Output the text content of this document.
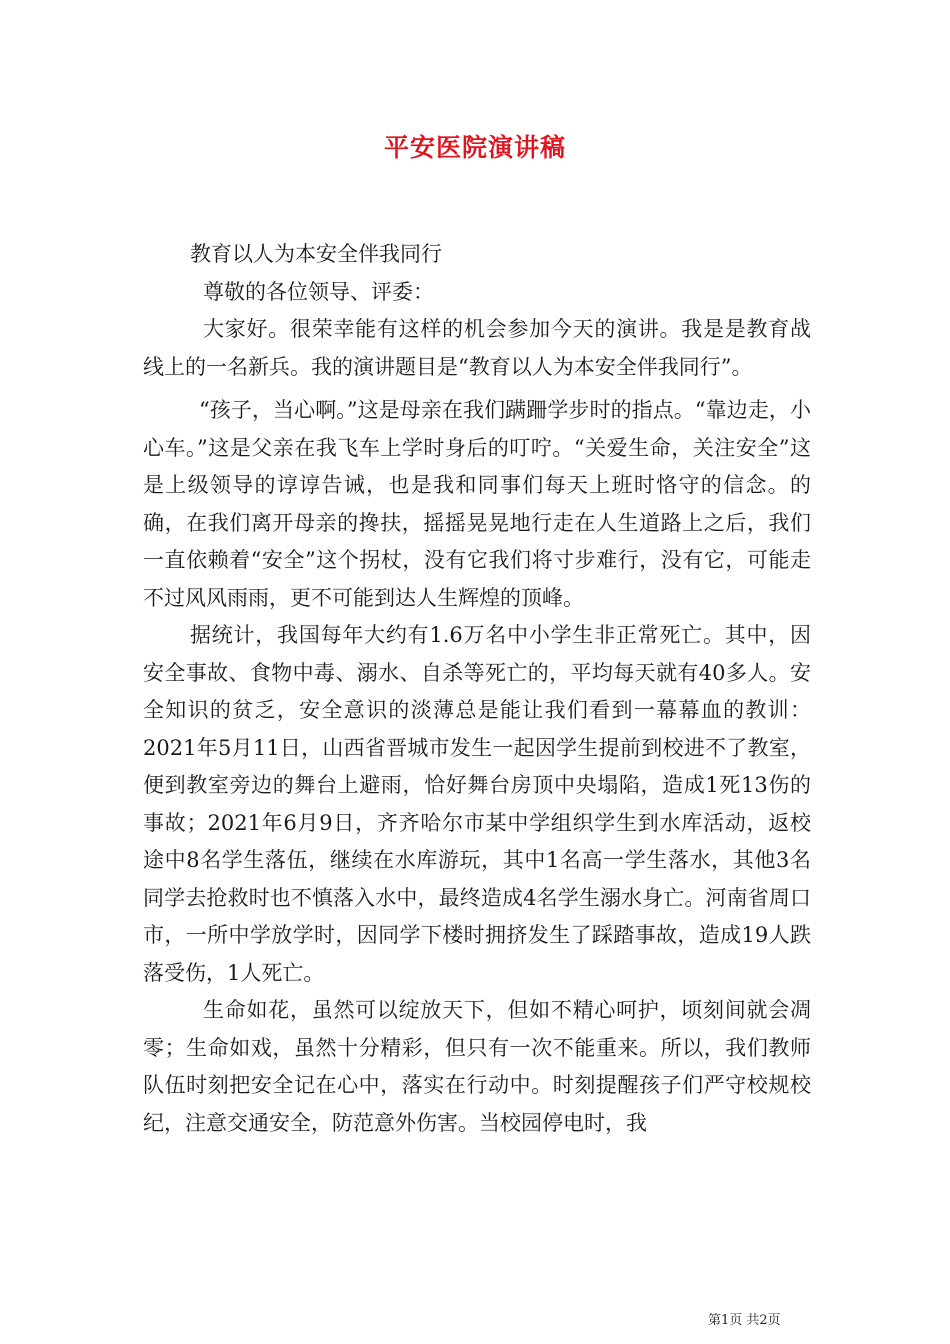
平安医院演讲稿

教育以人为本安全伴我同行

尊敬的各位领导、评委：

大家好。很荣幸能有这样的机会参加今天的演讲。我是是教育战线上的一名新兵。我的演讲题目是“教育以人为本安全伴我同行”。

“孩子，当心啊。”这是母亲在我们蹒跚学步时的指点。“靠边走，小心车。”这是父亲在我飞车上学时身后的叮咛。“关爱生命，关注安全”这是上级领导的谆谆告诫，也是我和同事们每天上班时恪守的信念。的确，在我们离开母亲的搀扶，摇摇晃晃地行走在人生道路上之后，我们一直依赖着“安全”这个拐杖，没有它我们将寸步难行，没有它，可能走不过风风雨雨，更不可能到达人生辉煌的顶峰。

据统计，我国每年大约有1.6万名中小学生非正常死亡。其中，因安全事故、食物中毒、溺水、自杀等死亡的，平均每天就有40多人。安全知识的贫乏，安全意识的淡薄总是能让我们看到一幕幕血的教训：2021年5月11日，山西省晋城市发生一起因学生提前到校进不了教室，便到教室旁边的舞台上避雨，恰好舞台房顶中央塌陷，造成1死13伤的事故；2021年6月9日，齐齐哈尔市某中学组织学生到水库活动，返校途中8名学生落伍，继续在水库游玩，其中1名高一学生落水，其他3名同学去抢救时也不慎落入水中，最终造成4名学生溺水身亡。河南省周口市，一所中学放学时，因同学下楼时拥挤发生了踩踏事故，造成19人跌落受伤，1人死亡。

生命如花，虽然可以绽放天下，但如不精心呵护，顷刻间就会凋零；生命如戏，虽然十分精彩，但只有一次不能重来。所以，我们教师队伍时刻把安全记在心中，落实在行动中。时刻提醒孩子们严守校规校纪，注意交通安全，防范意外伤害。当校园停电时，我

第1页 共2页
